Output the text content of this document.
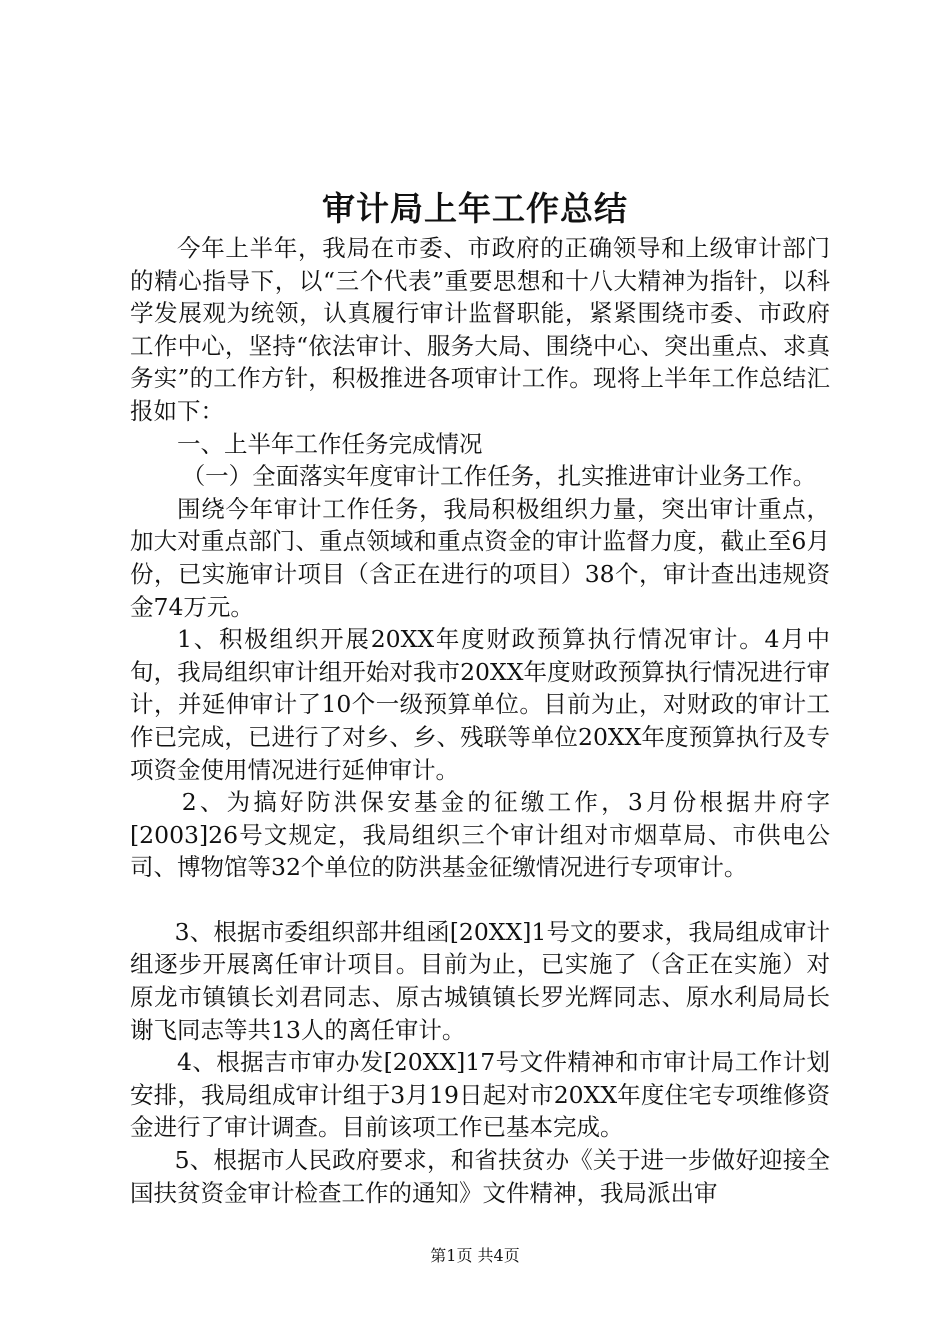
审计局上年工作总结

今年上半年，我局在市委、市政府的正确领导和上级审计部门的精心指导下，以“三个代表”重要思想和十八大精神为指针，以科学发展观为统领，认真履行审计监督职能，紧紧围绕市委、市政府工作中心，坚持“依法审计、服务大局、围绕中心、突出重点、求真务实”的工作方针，积极推进各项审计工作。现将上半年工作总结汇报如下：

一、上半年工作任务完成情况

（一）全面落实年度审计工作任务，扎实推进审计业务工作。

围绕今年审计工作任务，我局积极组织力量，突出审计重点，加大对重点部门、重点领域和重点资金的审计监督力度，截止至6月份，已实施审计项目（含正在进行的项目）38个，审计查出违规资金74万元。

1、积极组织开展20XX年度财政预算执行情况审计。4月中旬，我局组织审计组开始对我市20XX年度财政预算执行情况进行审计，并延伸审计了10个一级预算单位。目前为止，对财政的审计工作已完成，已进行了对乡、乡、残联等单位20XX年度预算执行及专项资金使用情况进行延伸审计。

2、为搞好防洪保安基金的征缴工作，3月份根据井府字[2003]26号文规定，我局组织三个审计组对市烟草局、市供电公司、博物馆等32个单位的防洪基金征缴情况进行专项审计。

3、根据市委组织部井组函[20XX]1号文的要求，我局组成审计组逐步开展离任审计项目。目前为止，已实施了（含正在实施）对原龙市镇镇长刘君同志、原古城镇镇长罗光辉同志、原水利局局长谢飞同志等共13人的离任审计。

4、根据吉市审办发[20XX]17号文件精神和市审计局工作计划安排，我局组成审计组于3月19日起对市20XX年度住宅专项维修资金进行了审计调查。目前该项工作已基本完成。

5、根据市人民政府要求，和省扶贫办《关于进一步做好迎接全国扶贫资金审计检查工作的通知》文件精神，我局派出审

第1页 共4页
